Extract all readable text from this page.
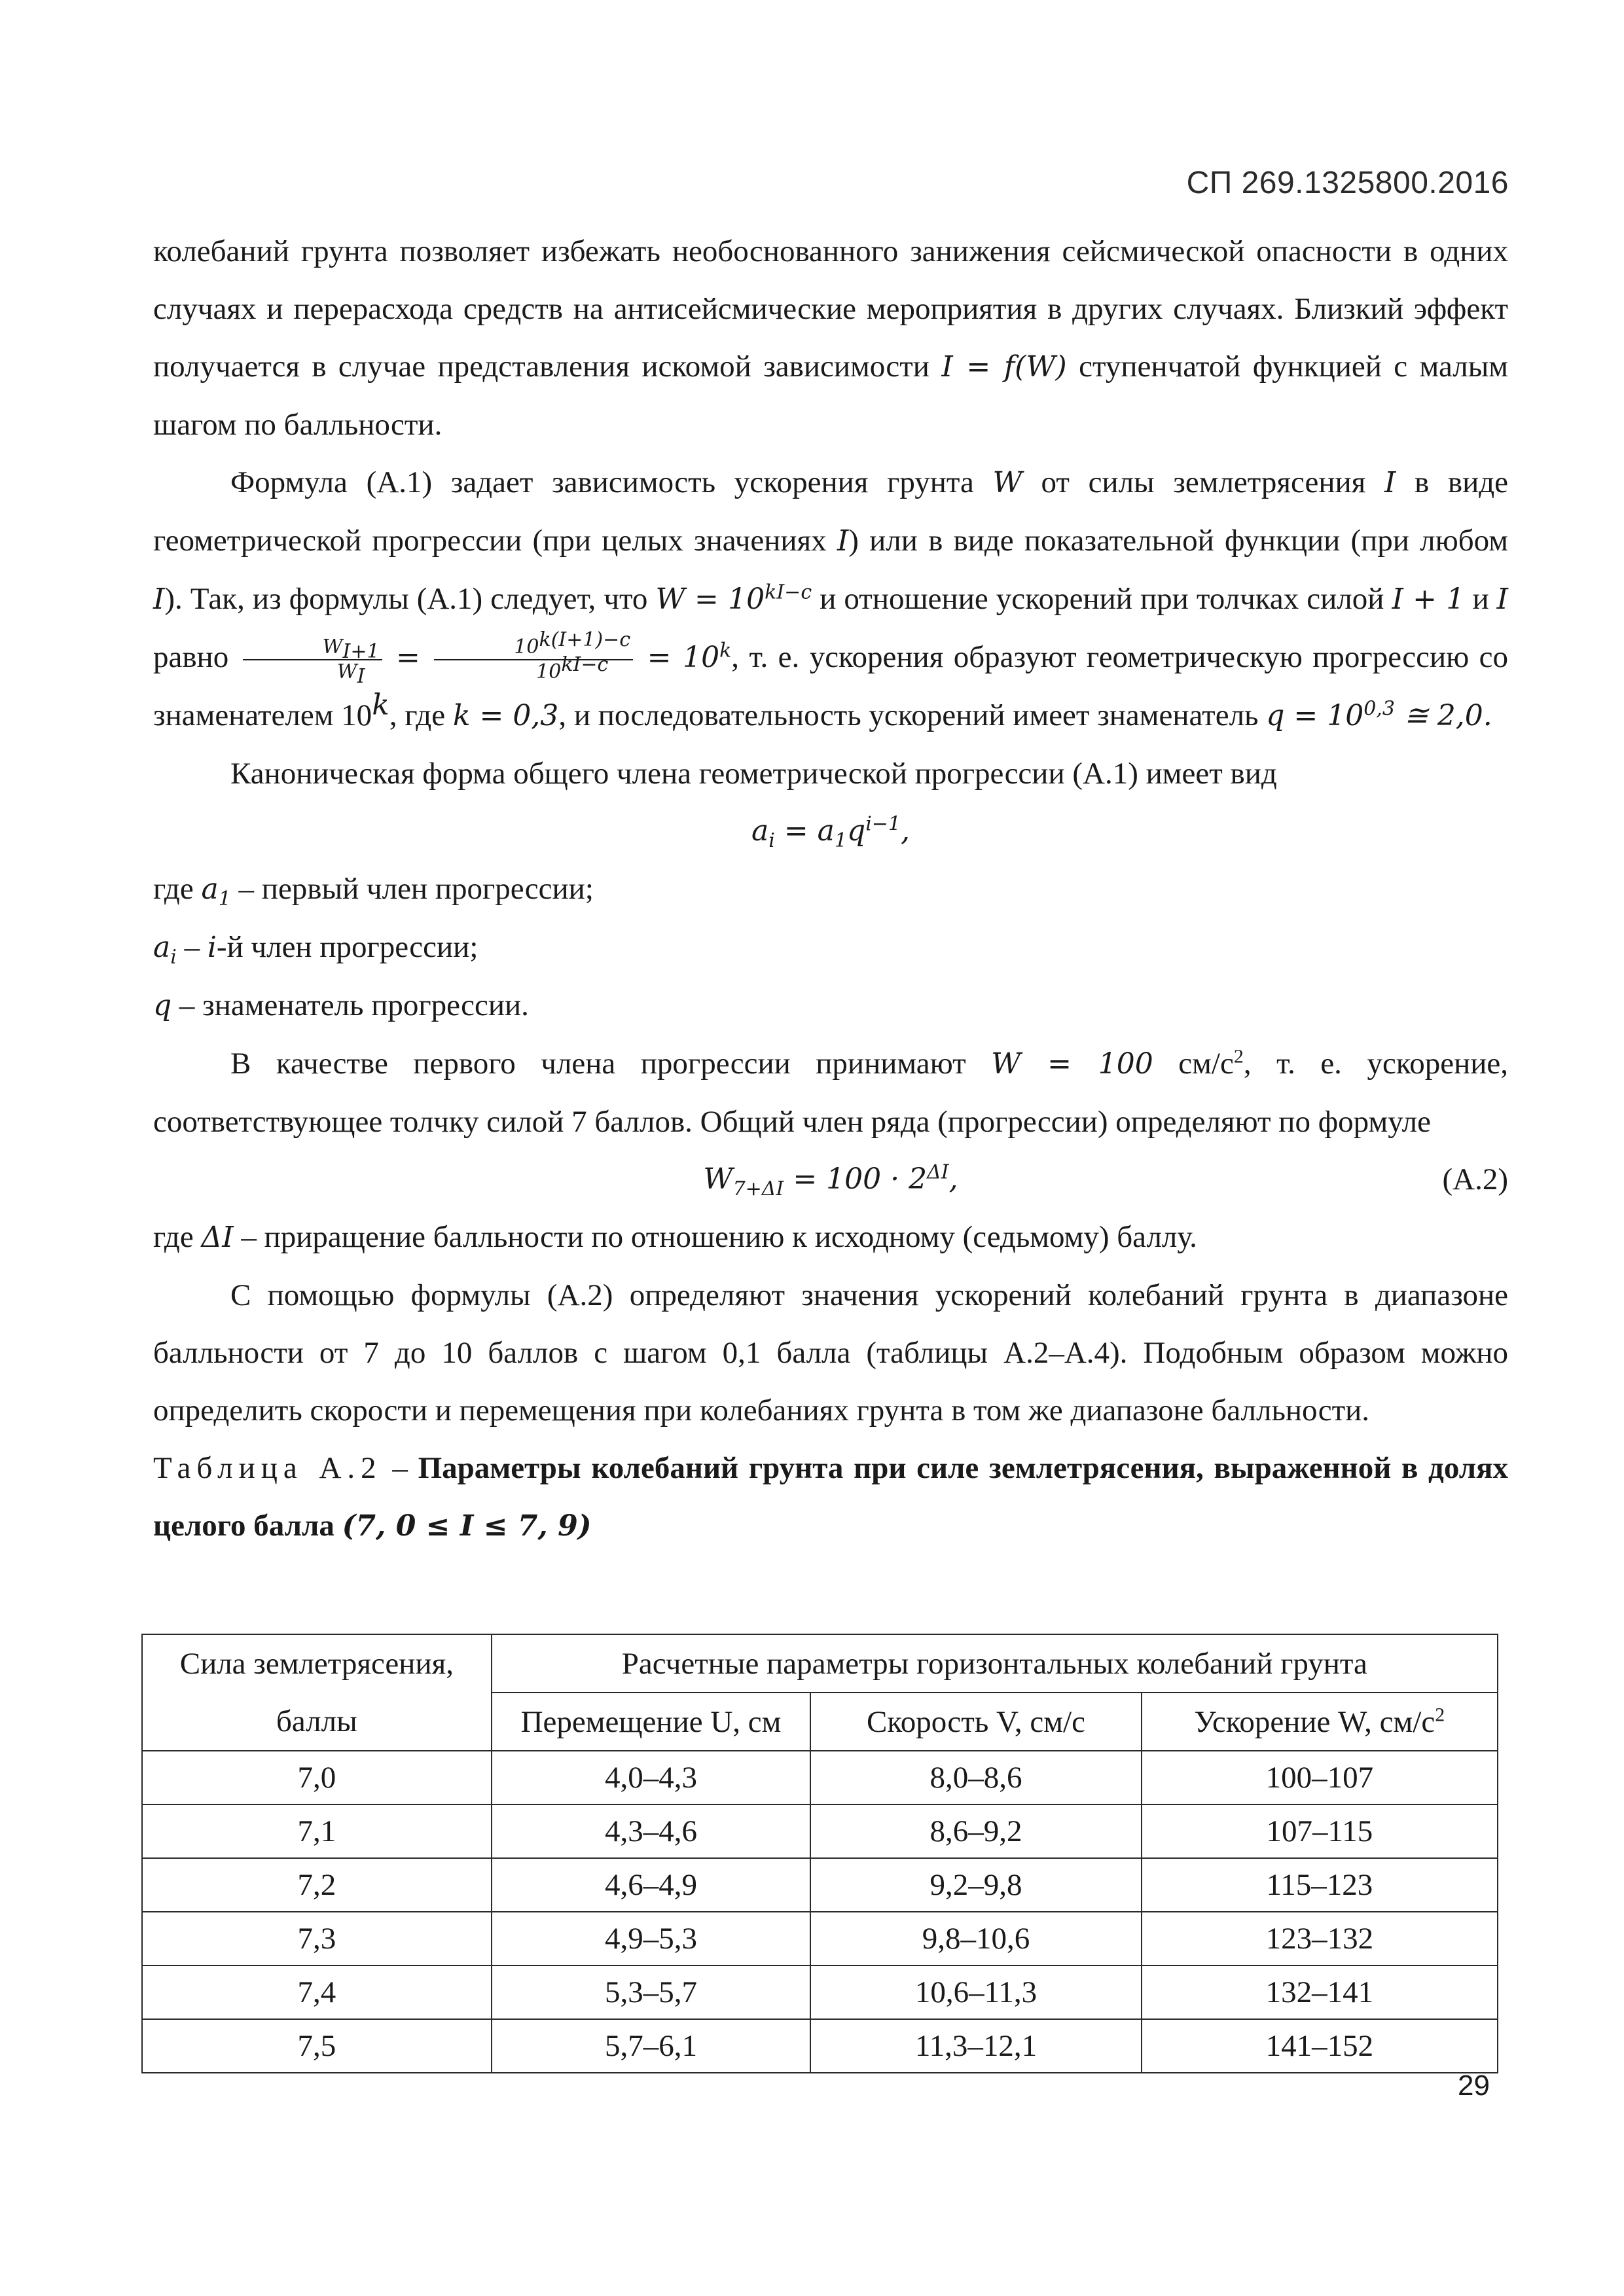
СП 269.1325800.2016

колебаний грунта позволяет избежать необоснованного занижения сейсмической опасности в одних случаях и перерасхода средств на антисейсмические мероприятия в других случаях. Близкий эффект получается в случае представления искомой зависимости I = f(W) ступенчатой функцией с малым шагом по балльности.

Формула (А.1) задает зависимость ускорения грунта W от силы землетрясения I в виде геометрической прогрессии (при целых значениях I) или в виде показательной функции (при любом I). Так, из формулы (А.1) следует, что $W = 10^{kI-c}$ и отношение ускорений при толчках силой I + 1 и I равно $\frac{W_{I+1}}{W_I} = \frac{10^{k(I+1)-c}}{10^{kI-c}} = 10^k$, т. е. ускорения образуют геометрическую прогрессию со знаменателем 10$^k$, где k = 0,3, и последовательность ускорений имеет знаменатель $q = 10^{0,3}$ ≅ 2,0.

Каноническая форма общего члена геометрической прогрессии (А.1) имеет вид

$a_i = a_1q^{i-1}$,

где $a_1$ – первый член прогрессии;

$a_i - i-й$ член прогрессии;

q – знаменатель прогрессии.

В качестве первого члена прогрессии принимают W = 100 $см/с^2$, т. е. ускорение, соответствующее толчку силой 7 баллов. Общий член ряда (прогрессии) определяют по формуле

$W_{7+\Delta I} = 100 \cdot 2^{\Delta I}$,	(А.2)

где ΔI – приращение балльности по отношению к исходному (седьмому) баллу.

С помощью формулы (А.2) определяют значения ускорений колебаний грунта в диапазоне балльности от 7 до 10 баллов с шагом 0,1 балла (таблицы А.2–А.4). Подобным образом можно определить скорости и перемещения при колебаниях грунта в том же диапазоне балльности.

Таблица А.2 – Параметры колебаний грунта при силе землетрясения, выраженной в долях целого балла (7, 0 ≤ I ≤ 7, 9)

Сила землетрясения, баллы	Расчетные параметры горизонтальных колебаний грунта		
	Перемещение U, см	Скорость V, см/с	Ускорение W, $см/с^2$
7,0	4,0–4,3	8,0–8,6	100–107
7,1	4,3–4,6	8,6–9,2	107–115
7,2	4,6–4,9	9,2–9,8	115–123
7,3	4,9–5,3	9,8–10,6	123–132
7,4	5,3–5,7	10,6–11,3	132–141
7,5	5,7–6,1	11,3–12,1	141–152
29
